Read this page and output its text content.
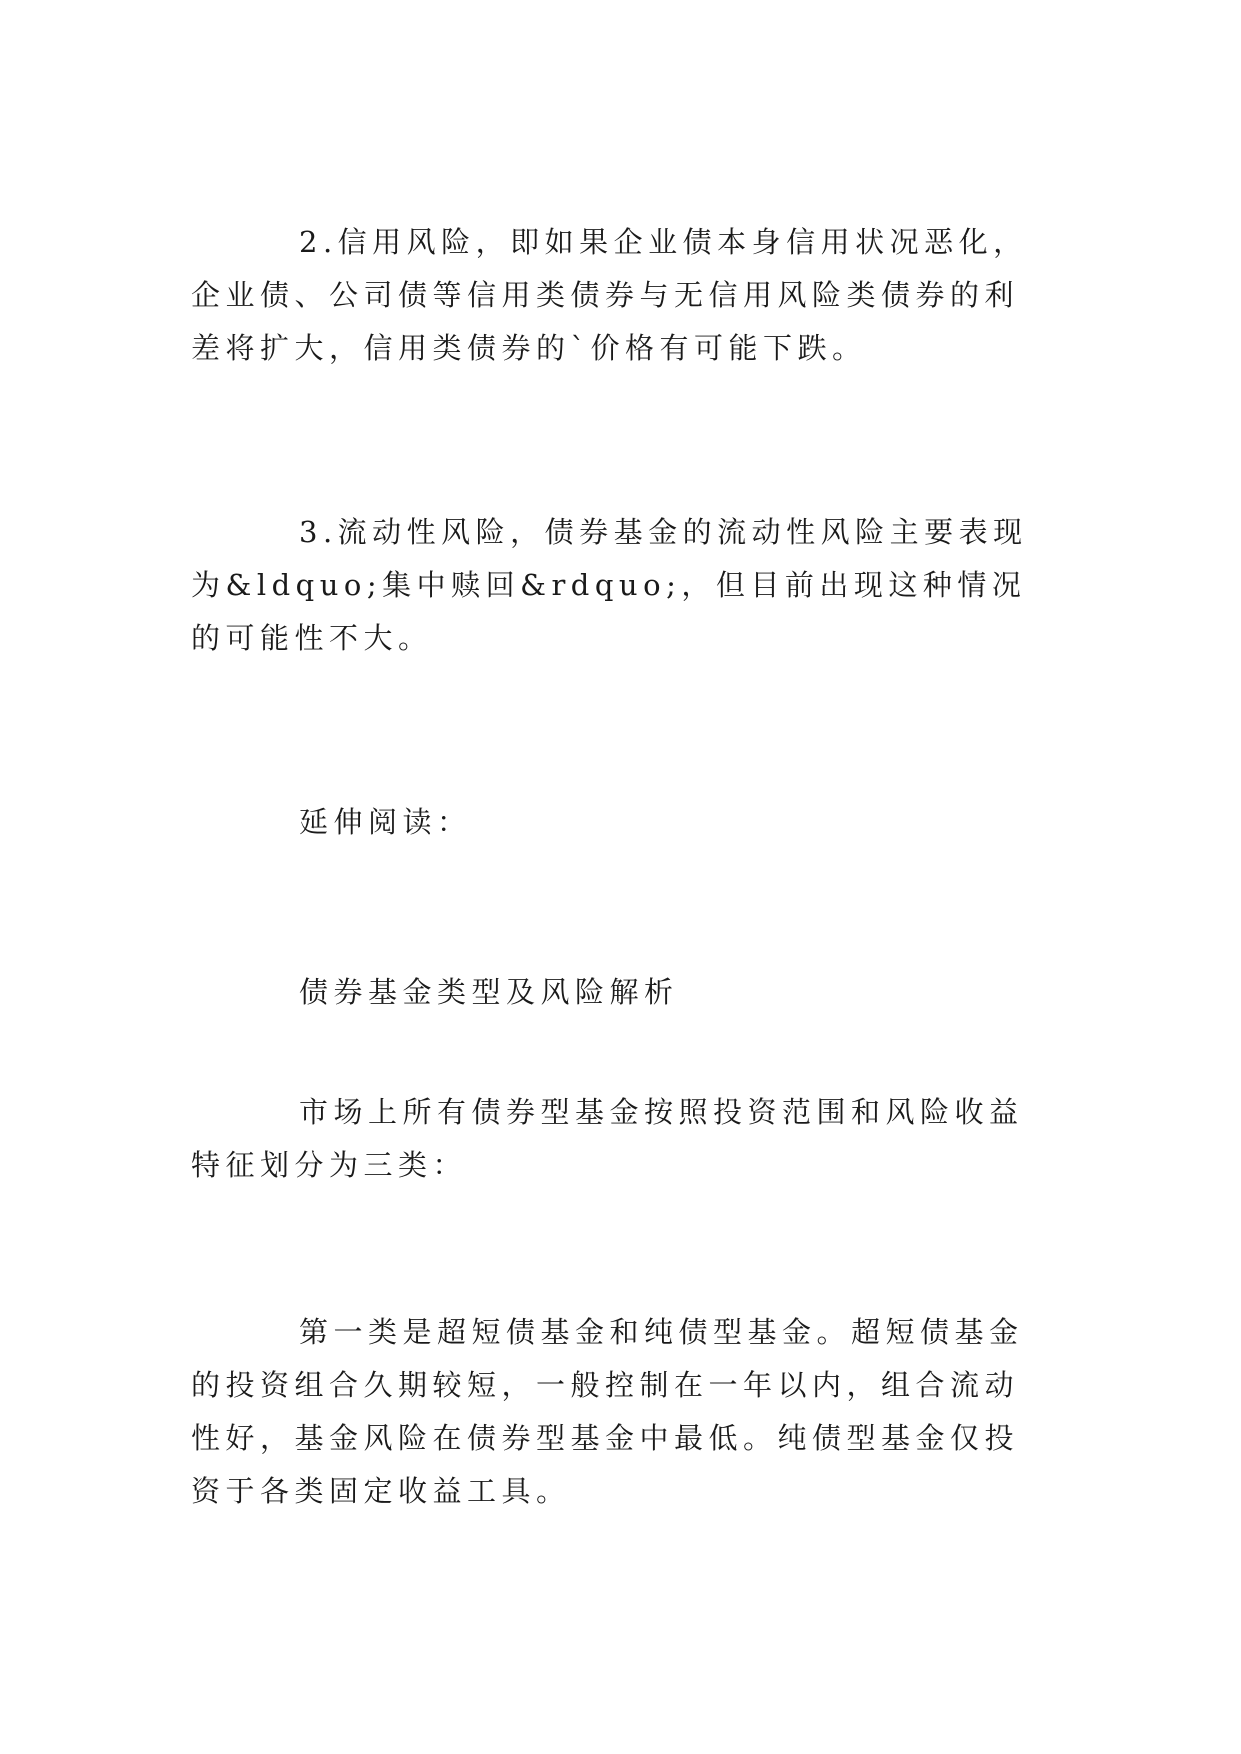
2.信用风险，即如果企业债本身信用状况恶化，企业债、公司债等信用类债券与无信用风险类债券的利差将扩大，信用类债券的`价格有可能下跌。

3.流动性风险，债券基金的流动性风险主要表现为&ldquo;集中赎回&rdquo;，但目前出现这种情况的可能性不大。

延伸阅读：

债券基金类型及风险解析

市场上所有债券型基金按照投资范围和风险收益特征划分为三类：

第一类是超短债基金和纯债型基金。超短债基金的投资组合久期较短，一般控制在一年以内，组合流动性好，基金风险在债券型基金中最低。纯债型基金仅投资于各类固定收益工具。
